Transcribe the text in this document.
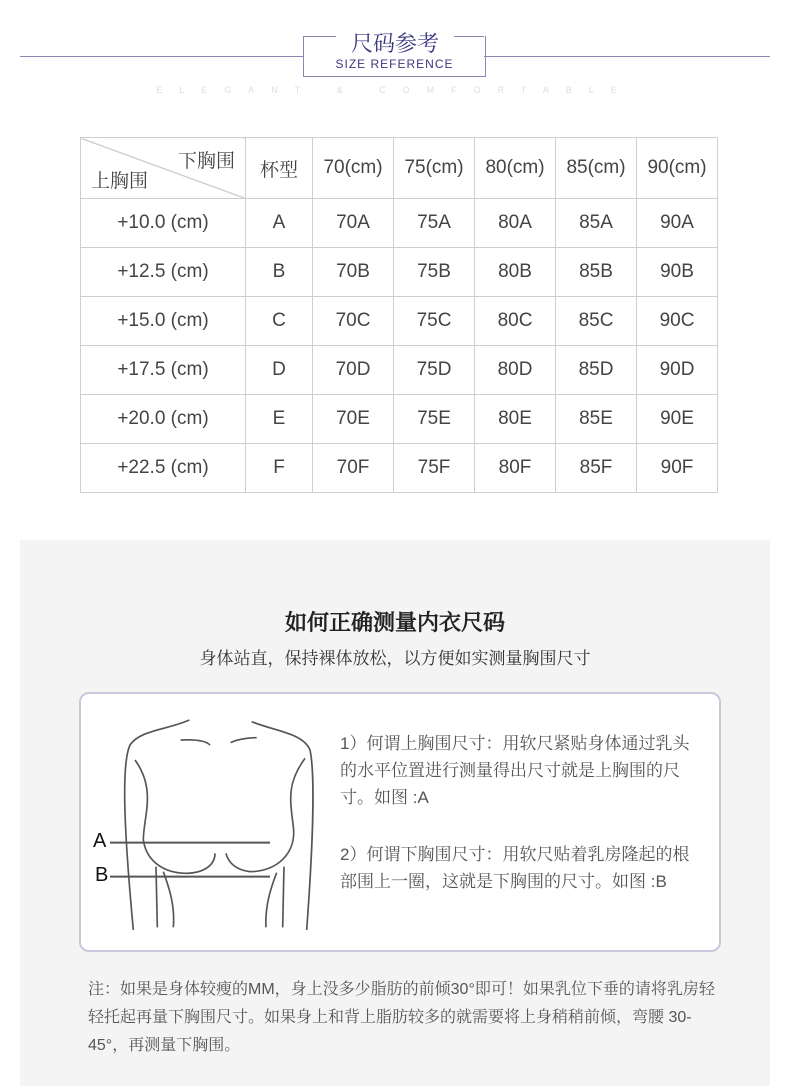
尺码参考
SIZE REFERENCE
ELEGANT & COMFORTABLE
下胸围
上胸围	杯型	70(cm)	75(cm)	80(cm)	85(cm)	90(cm)
+10.0 (cm)	A	70A	75A	80A	85A	90A
+12.5 (cm)	B	70B	75B	80B	85B	90B
+15.0 (cm)	C	70C	75C	80C	85C	90C
+17.5 (cm)	D	70D	75D	80D	85D	90D
+20.0 (cm)	E	70E	75E	80E	85E	90E
+22.5 (cm)	F	70F	75F	80F	85F	90F
如何正确测量内衣尺码
身体站直，保持裸体放松，以方便如实测量胸围尺寸
A
B
1）何谓上胸围尺寸：用软尺紧贴身体通过乳头的水平位置进行测量得出尺寸就是上胸围的尺寸。如图 :A
2）何谓下胸围尺寸：用软尺贴着乳房隆起的根部围上一圈，这就是下胸围的尺寸。如图 :B
注：如果是身体较瘦的MM，身上没多少脂肪的前倾30°即可！如果乳位下垂的请将乳房轻轻托起再量下胸围尺寸。如果身上和背上脂肪较多的就需要将上身稍稍前倾，弯腰 30-45°，再测量下胸围。
